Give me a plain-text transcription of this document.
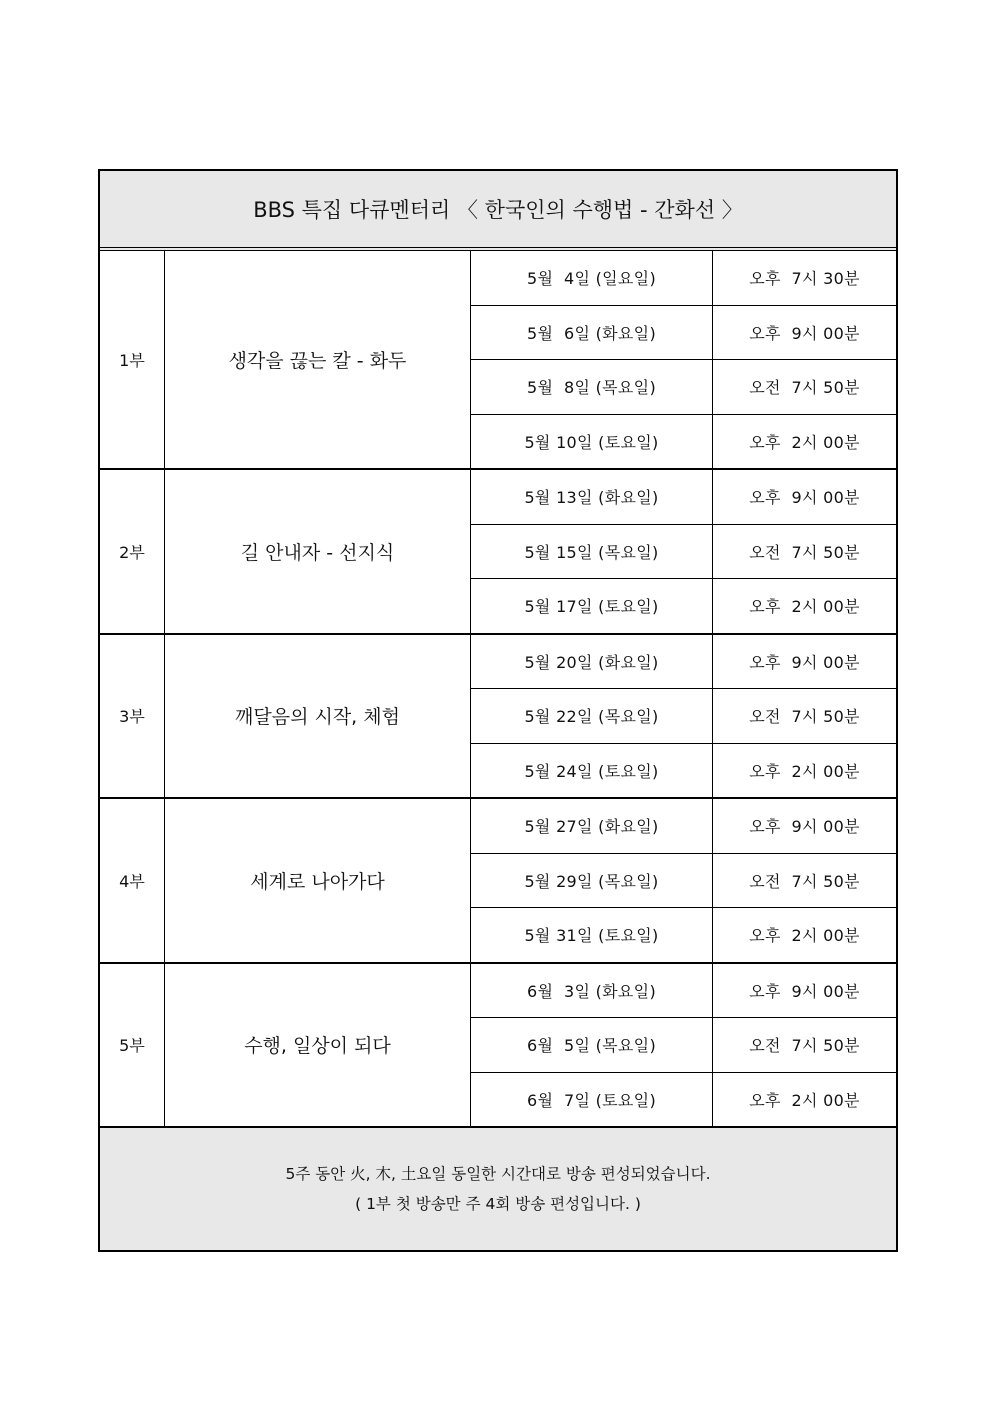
BBS 특집 다큐멘터리 〈 한국인의 수행법 - 간화선 〉
1부	생각을 끊는 칼 - 화두	5월  4일 (일요일)	오후  7시 30분
		5월  6일 (화요일)	오후  9시 00분
		5월  8일 (목요일)	오전  7시 50분
		5월 10일 (토요일)	오후  2시 00분
2부	길 안내자 - 선지식	5월 13일 (화요일)	오후  9시 00분
		5월 15일 (목요일)	오전  7시 50분
		5월 17일 (토요일)	오후  2시 00분
3부	깨달음의 시작, 체험	5월 20일 (화요일)	오후  9시 00분
		5월 22일 (목요일)	오전  7시 50분
		5월 24일 (토요일)	오후  2시 00분
4부	세계로 나아가다	5월 27일 (화요일)	오후  9시 00분
		5월 29일 (목요일)	오전  7시 50분
		5월 31일 (토요일)	오후  2시 00분
5부	수행, 일상이 되다	6월  3일 (화요일)	오후  9시 00분
		6월  5일 (목요일)	오전  7시 50분
		6월  7일 (토요일)	오후  2시 00분
5주 동안 火, 木, 土요일 동일한 시간대로 방송 편성되었습니다.
( 1부 첫 방송만 주 4회 방송 편성입니다. )
